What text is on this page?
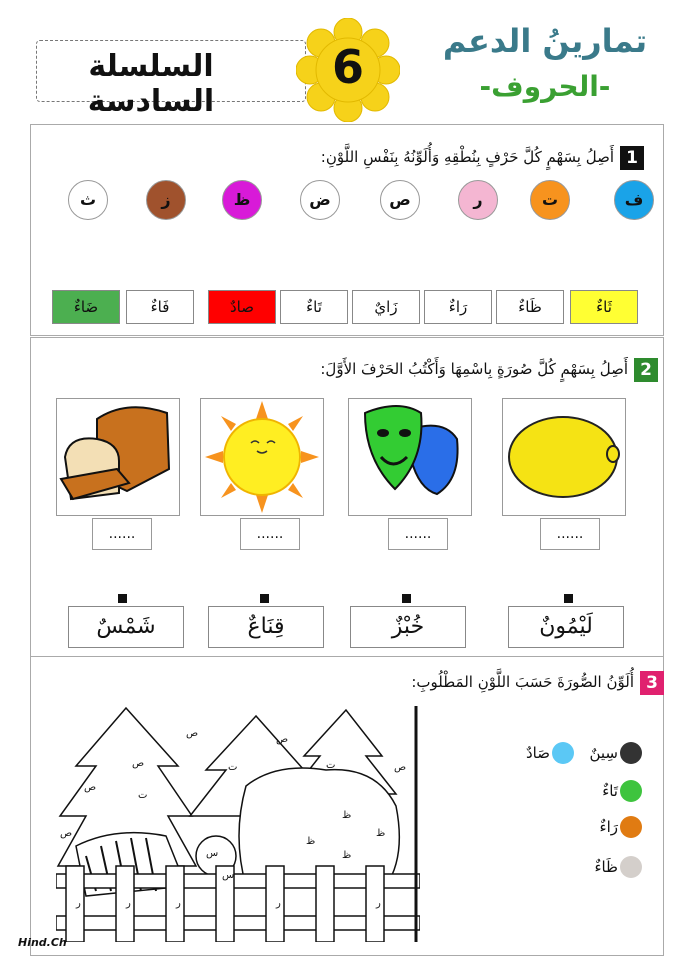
السلسلة السادسة
6	تمارينُ الدعم
-الحروف-
1
أَصِلُ بِسَهْمٍ كُلَّ حَرْفٍ بِنُطْقِهِ وَأُلَوِّنُهُ بِنَفْسِ اللَّوْنِ:
2
أَصِلُ بِسَهْمٍ كُلَّ صُورَةٍ بِاسْمِهَا وَأَكْتُبُ الحَرْفَ الأَوَّلَ:
......
......
......
......
لَيْمُونٌ
خُبْزٌ
قِنَاعٌ
شَمْسٌ
3
أُلَوِّنُ الصُّورَةَ حَسَبَ اللَّوْنِ المَطْلُوبِ:
ص
ص
ت
ص
ت
ص
ت	ص
ص
ظ
ظ
ظ
ر	ر	ر	ر	ر
س
س
ظ
سِينٌ
صَادٌ
تَاءٌ
رَاءٌ
ظَاءٌ
Hind.Ch
ف
ت
ر
ص
ض
ظ
ز
ث
ثَاءٌ
ظَاءٌ
رَاءٌ
زَايٌ
تَاءٌ
صادٌ
فَاءٌ
ضَاءٌ
